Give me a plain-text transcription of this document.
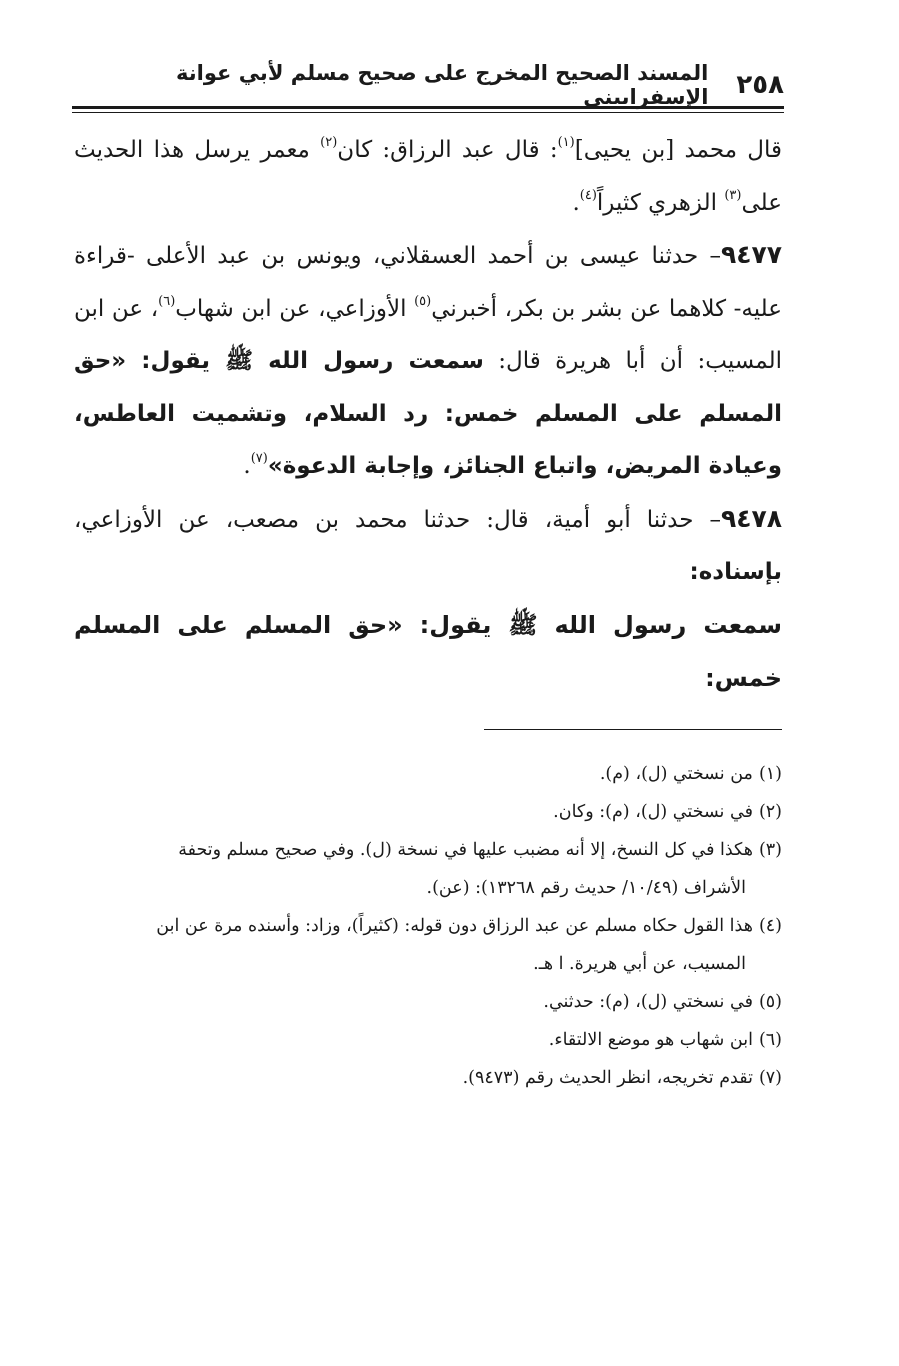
٢٥٨
المسند الصحيح المخرج على صحيح مسلم لأبي عوانة الإسفراييني

قال محمد [بن يحيى]$^{(١)}$: قال عبد الرزاق: كان$^{(٢)}$ معمر يرسل هذا الحديث على$^{(٣)}$ الزهري كثيراً$^{(٤)}$.

٩٤٧٧– حدثنا عيسى بن أحمد العسقلاني، ويونس بن عبد الأعلى -قراءة عليه- كلاهما عن بشر بن بكر، أخبرني$^{(٥)}$ الأوزاعي، عن ابن شهاب$^{(٦)}$، عن ابن المسيب: أن أبا هريرة قال: سمعت رسول الله ﷺ يقول: «حق المسلم على المسلم خمس: رد السلام، وتشميت العاطس، وعيادة المريض، واتباع الجنائز، وإجابة الدعوة»$^{(٧)}$.

٩٤٧٨– حدثنا أبو أمية، قال: حدثنا محمد بن مصعب، عن الأوزاعي، بإسناده:

سمعت رسول الله ﷺ يقول: «حق المسلم على المسلم خمس:

(١)من نسختي (ل)، (م).

(٢)في نسختي (ل)، (م): وكان.

(٣)هكذا في كل النسخ، إلا أنه مضبب عليها في نسخة (ل). وفي صحيح مسلم وتحفة

الأشراف (١٠/٤٩/ حديث رقم ١٣٢٦٨): (عن).

(٤)هذا القول حكاه مسلم عن عبد الرزاق دون قوله: (كثيراً)، وزاد: وأسنده مرة عن ابن

المسيب، عن أبي هريرة. ا هـ.

(٥)في نسختي (ل)، (م): حدثني.

(٦)ابن شهاب هو موضع الالتقاء.

(٧)تقدم تخريجه، انظر الحديث رقم (٩٤٧٣).
